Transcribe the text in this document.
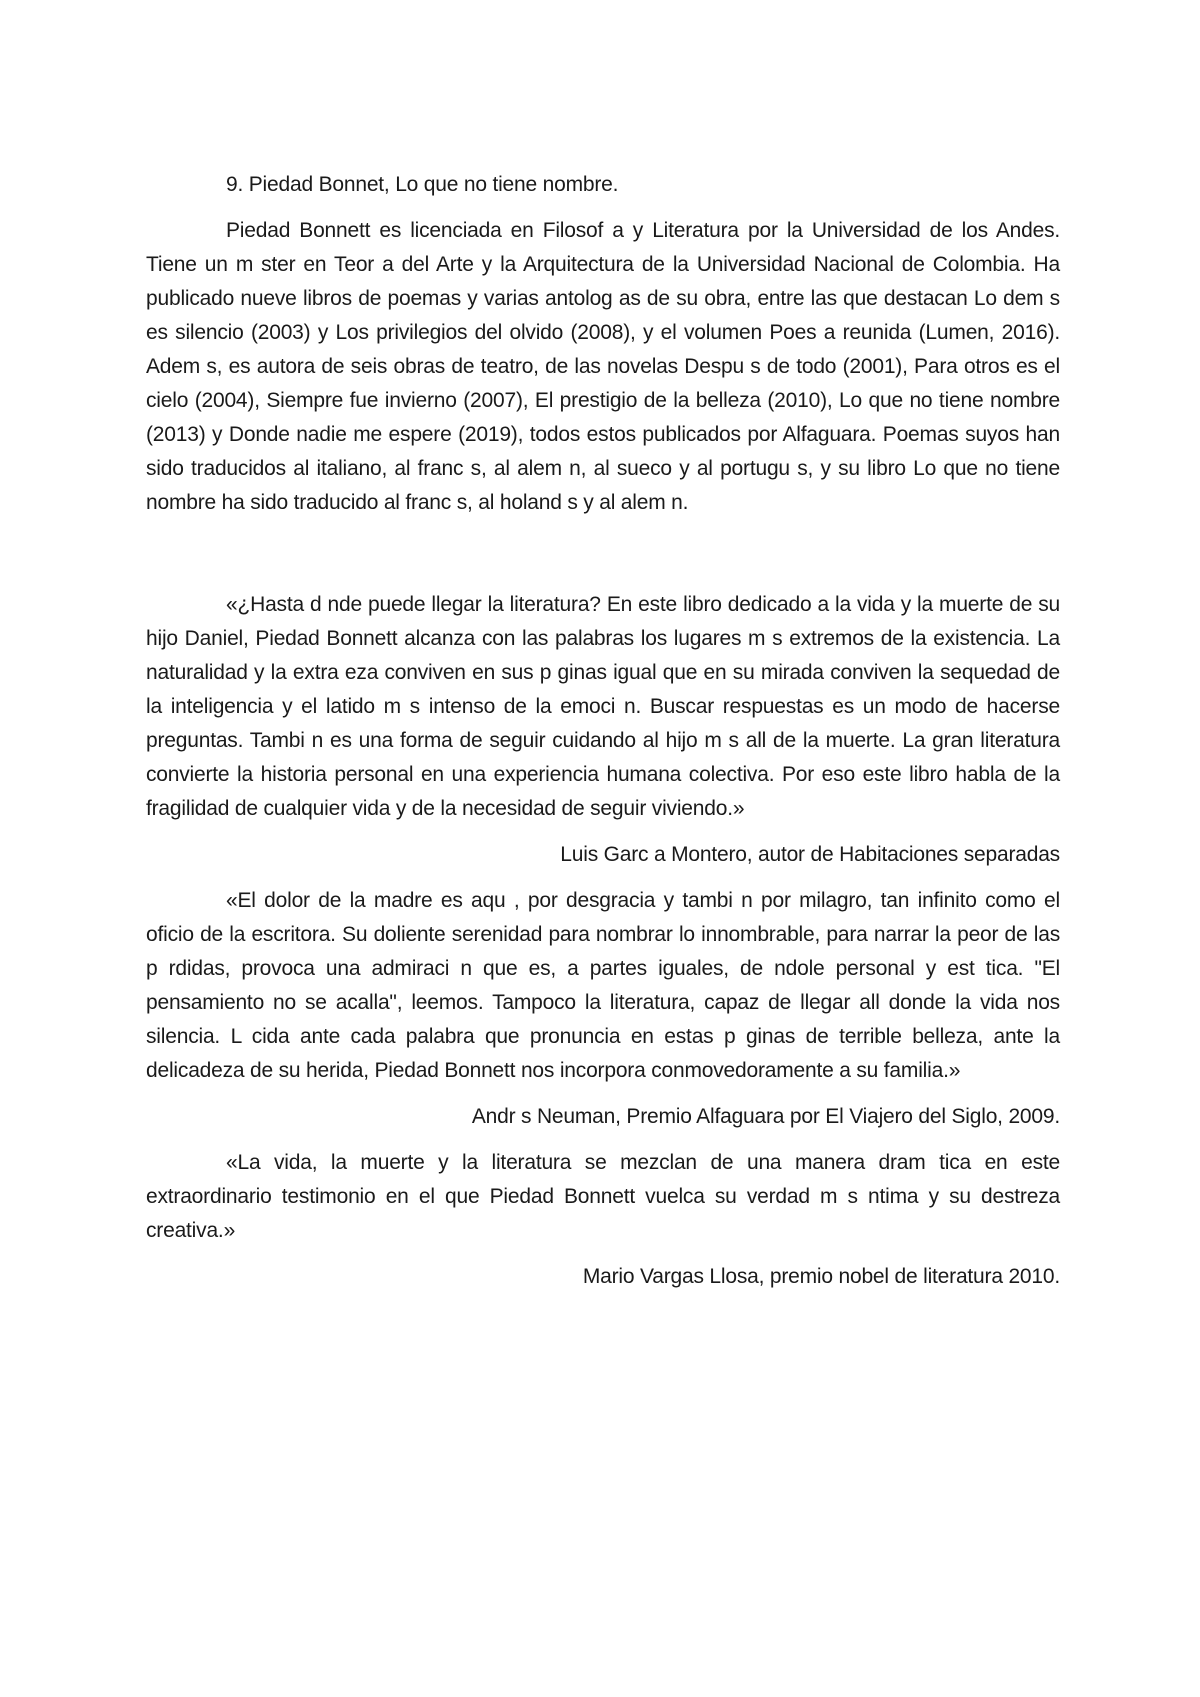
9. Piedad Bonnet, Lo que no tiene nombre.

Piedad Bonnett es licenciada en Filosof a y Literatura por la Universidad de los Andes. Tiene un m ster en Teor a del Arte y la Arquitectura de la Universidad Nacional de Colombia. Ha publicado nueve libros de poemas y varias antolog as de su obra, entre las que destacan Lo dem s es silencio (2003) y Los privilegios del olvido (2008), y el volumen Poes a reunida (Lumen, 2016). Adem s, es autora de seis obras de teatro, de las novelas Despu s de todo (2001), Para otros es el cielo (2004), Siempre fue invierno (2007), El prestigio de la belleza (2010), Lo que no tiene nombre (2013) y Donde nadie me espere (2019), todos estos publicados por Alfaguara. Poemas suyos han sido traducidos al italiano, al franc s, al alem n, al sueco y al portugu s, y su libro Lo que no tiene nombre ha sido traducido al franc s, al holand s y al alem n.

«¿Hasta d nde puede llegar la literatura? En este libro dedicado a la vida y la muerte de su hijo Daniel, Piedad Bonnett alcanza con las palabras los lugares m s extremos de la existencia. La naturalidad y la extra eza conviven en sus p ginas igual que en su mirada conviven la sequedad de la inteligencia y el latido m s intenso de la emoci n. Buscar respuestas es un modo de hacerse preguntas. Tambi n es una forma de seguir cuidando al hijo m s all de la muerte. La gran literatura convierte la historia personal en una experiencia humana colectiva. Por eso este libro habla de la fragilidad de cualquier vida y de la necesidad de seguir viviendo.»

Luis Garc a Montero, autor de Habitaciones separadas

«El dolor de la madre es aqu , por desgracia y tambi n por milagro, tan infinito como el oficio de la escritora. Su doliente serenidad para nombrar lo innombrable, para narrar la peor de las p rdidas, provoca una admiraci n que es, a partes iguales, de ndole personal y est tica. "El pensamiento no se acalla", leemos. Tampoco la literatura, capaz de llegar all donde la vida nos silencia. L cida ante cada palabra que pronuncia en estas p ginas de terrible belleza, ante la delicadeza de su herida, Piedad Bonnett nos incorpora conmovedoramente a su familia.»

Andr s Neuman, Premio Alfaguara por El Viajero del Siglo, 2009.

«La vida, la muerte y la literatura se mezclan de una manera dram tica en este extraordinario testimonio en el que Piedad Bonnett vuelca su verdad m s ntima y su destreza creativa.»

Mario Vargas Llosa, premio nobel de literatura 2010.
